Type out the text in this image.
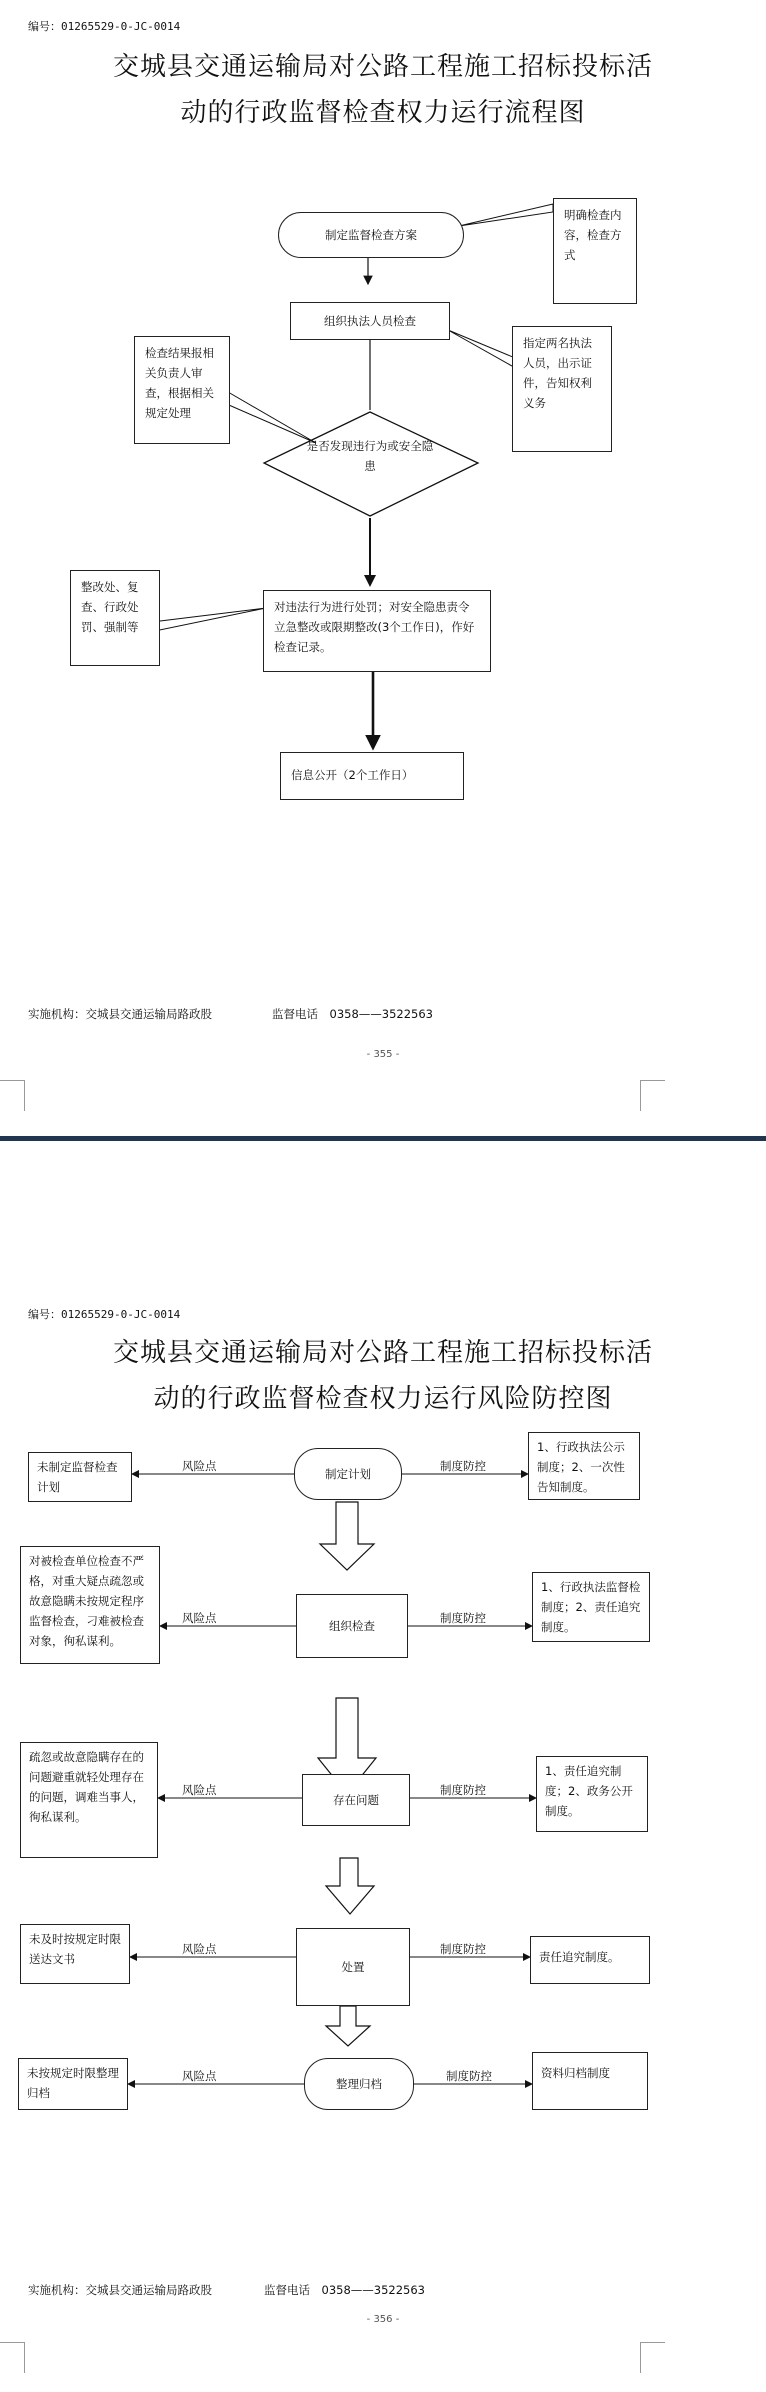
编号：01265529-0-JC-0014
交城县交通运输局对公路工程施工招标投标活
动的行政监督检查权力运行流程图
制定监督检查方案
明确检查内容，检查方式
组织执法人员检查
指定两名执法人员，出示证件，告知权利义务
检查结果报相关负责人审查，根据相关规定处理
是否发现违行为或安全隐患
对违法行为进行处罚；对安全隐患责令立急整改或限期整改(3个工作日)，作好检查记录。
整改处、复查、行政处罚、强制等
信息公开（2个工作日）
实施机构：交城县交通运输局路政股	监督电话　0358——3522563
- 355 -
编号：01265529-0-JC-0014
交城县交通运输局对公路工程施工招标投标活
动的行政监督检查权力运行风险防控图
制定计划
未制定监督检查计划
1、行政执法公示制度；2、一次性告知制度。
风险点	制度防控
组织检查
对被检查单位检查不严格，对重大疑点疏忽或故意隐瞒未按规定程序监督检查，刁难被检查对象，徇私谋利。
1、行政执法监督检制度；2、责任追究制度。
风险点	制度防控
存在问题
疏忽或故意隐瞒存在的问题避重就轻处理存在的问题，调难当事人，徇私谋利。
1、责任追究制度；2、政务公开制度。
风险点	制度防控
处置
未及时按规定时限送达文书	责任追究制度。
风险点	制度防控
整理归档
未按规定时限整理归档
资料归档制度
风险点	制度防控
实施机构：交城县交通运输局路政股	监督电话　0358——3522563
- 356 -
